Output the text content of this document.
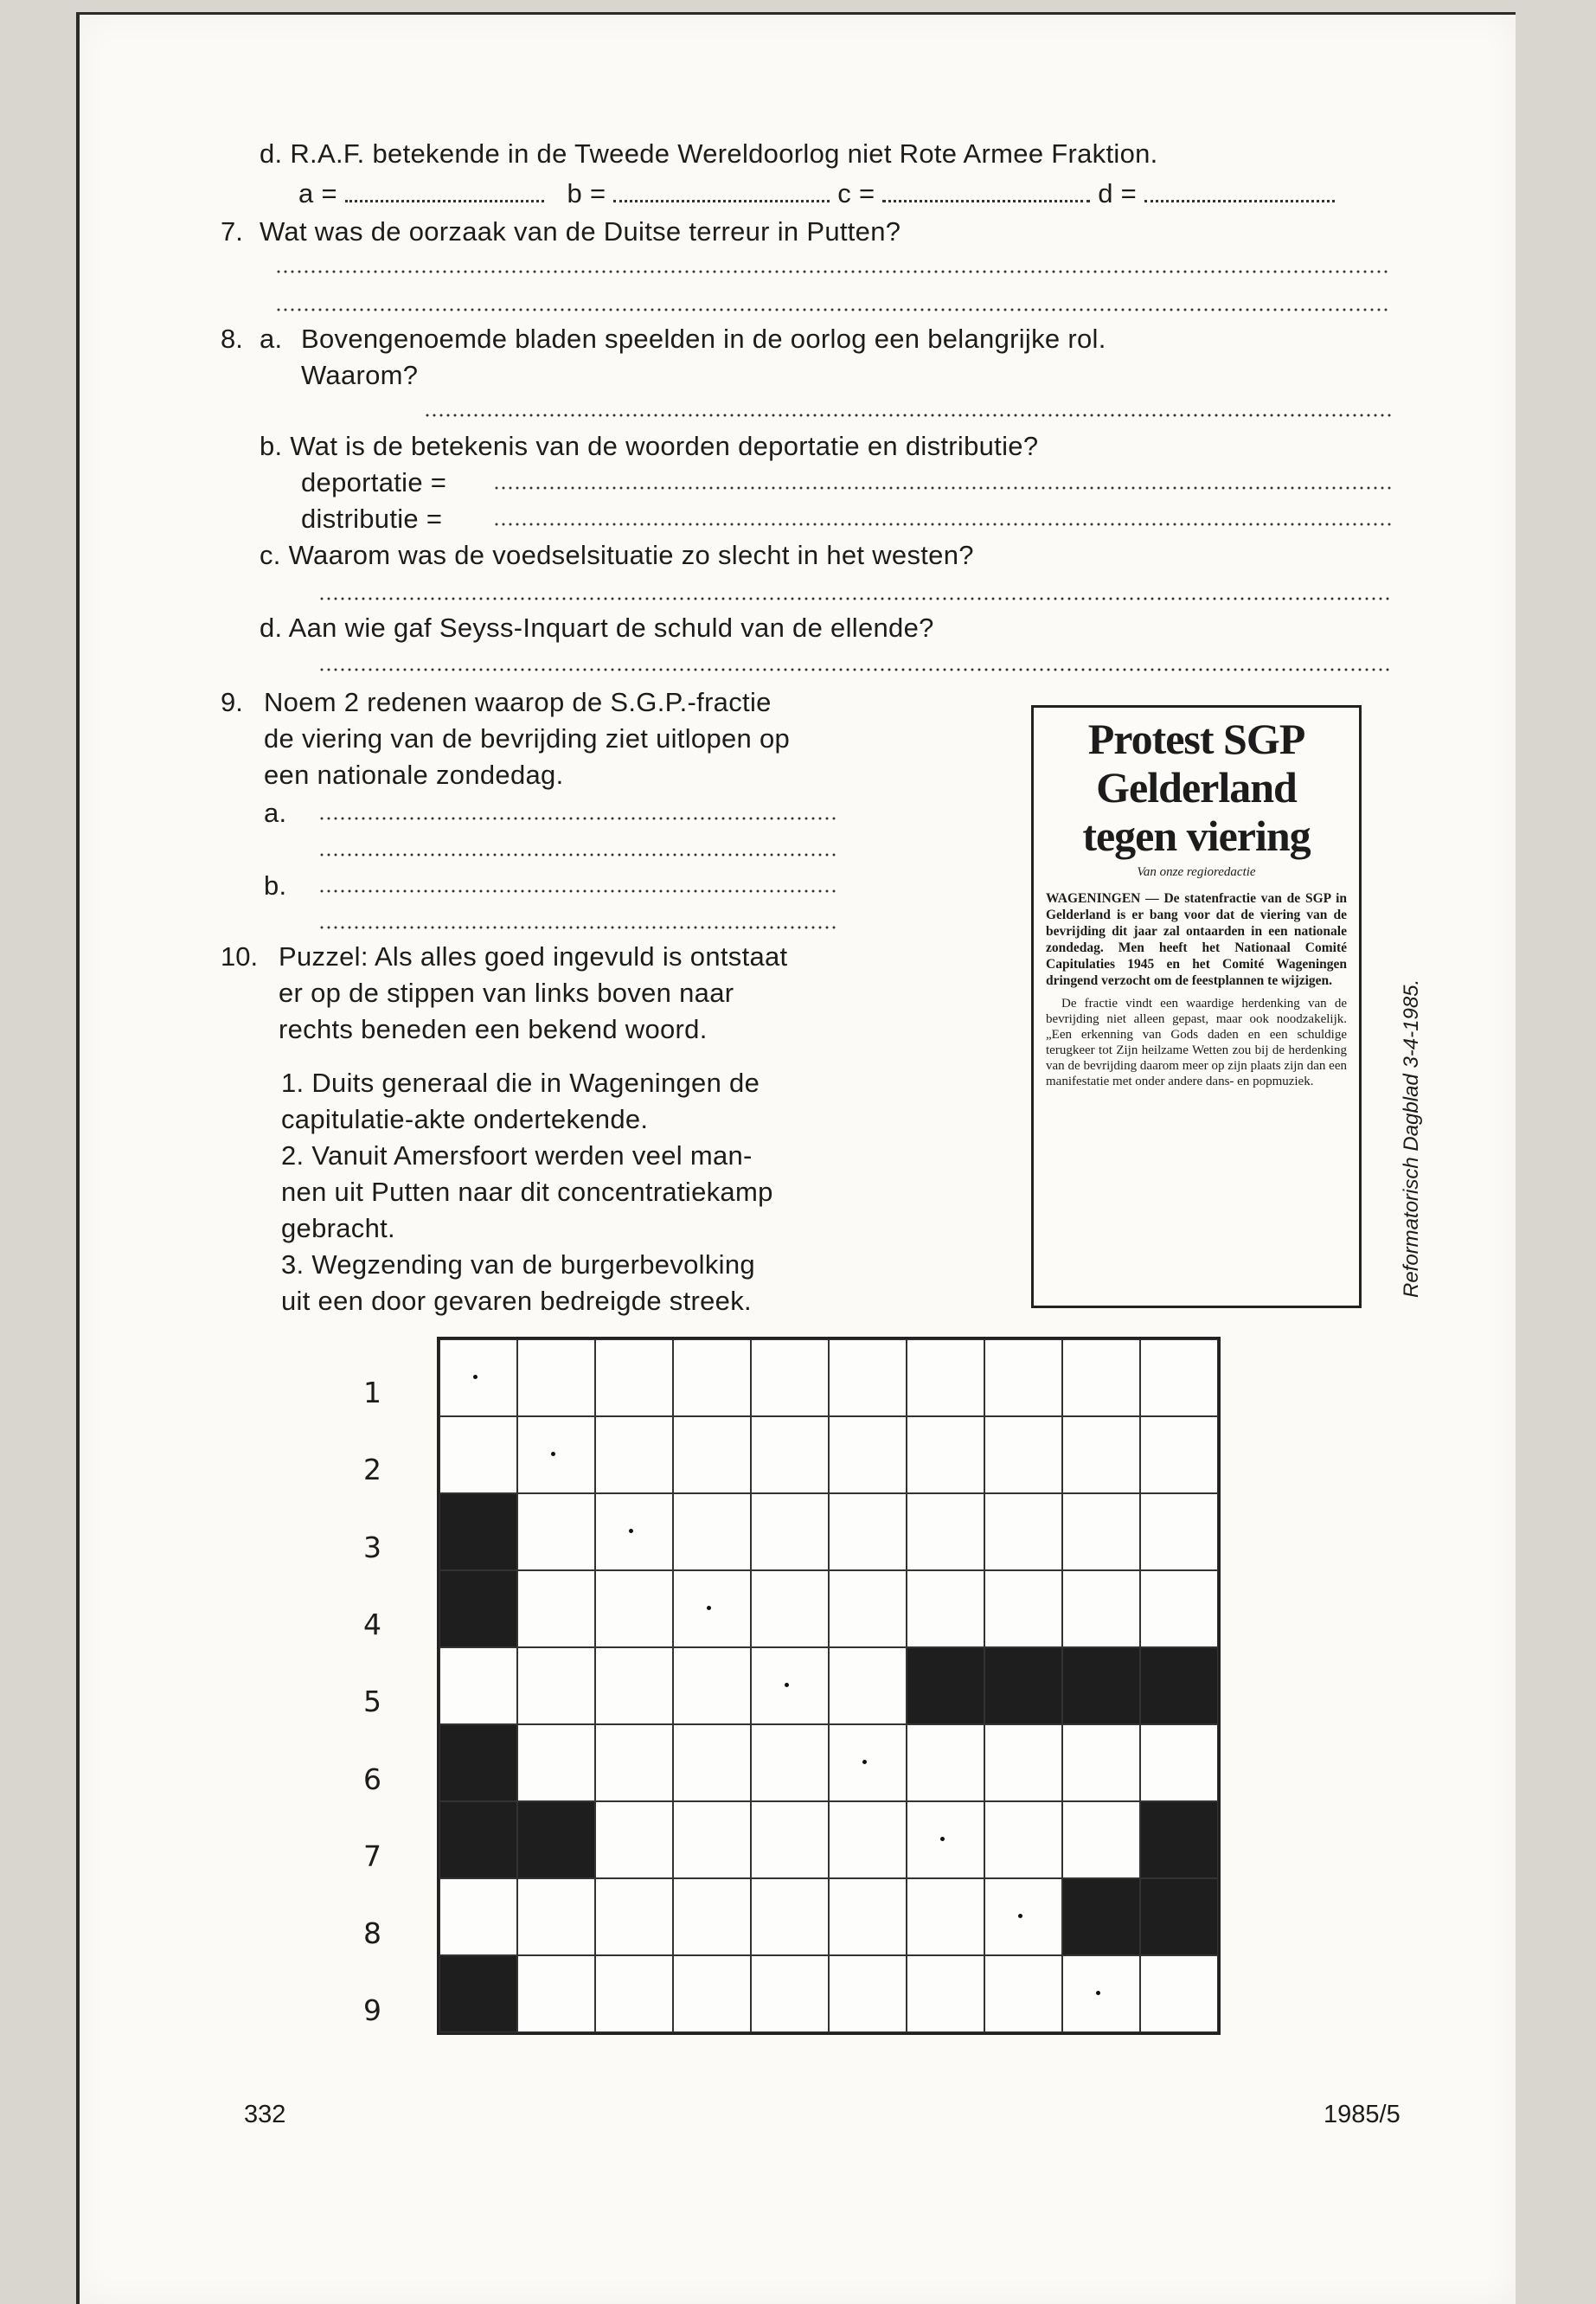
d. R.A.F. betekende in de Tweede Wereldoorlog niet Rote Armee Fraktion.
a =	b =	c =	d =
7. Wat was de oorzaak van de Duitse terreur in Putten?
8. a. Bovengenoemde bladen speelden in de oorlog een belangrijke rol.
Waarom?
b. Wat is de betekenis van de woorden deportatie en distributie?
deportatie =
distributie =
c. Waarom was de voedselsituatie zo slecht in het westen?
d. Aan wie gaf Seyss-Inquart de schuld van de ellende?
9. Noem 2 redenen waarop de S.G.P.-fractie
de viering van de bevrijding ziet uitlopen op
een nationale zondedag.
a.
b.
10. Puzzel: Als alles goed ingevuld is ontstaat
er op de stippen van links boven naar
rechts beneden een bekend woord.
1. Duits generaal die in Wageningen de
capitulatie-akte ondertekende.
2. Vanuit Amersfoort werden veel man-
nen uit Putten naar dit concentratiekamp
gebracht.
3. Wegzending van de burgerbevolking
uit een door gevaren bedreigde streek.
Protest SGP
Gelderland
tegen viering
Van onze regioredactie
WAGENINGEN — De statenfractie van de SGP in Gelderland is er bang voor dat de viering van de bevrijding dit jaar zal ontaarden in een nationale zondedag. Men heeft het Nationaal Comité Capitulaties 1945 en het Comité Wageningen dringend verzocht om de feestplannen te wijzigen.
De fractie vindt een waardige herdenking van de bevrijding niet alleen gepast, maar ook noodzakelijk. „Een erkenning van Gods daden en een schuldige terugkeer tot Zijn heilzame Wetten zou bij de herdenking van de bevrijding daarom meer op zijn plaats zijn dan een manifestatie met onder andere dans- en popmuziek.	Reformatorisch Dagblad 3-4-1985.
1
2
3
4
5
6
7
8
9
332	1985/5
